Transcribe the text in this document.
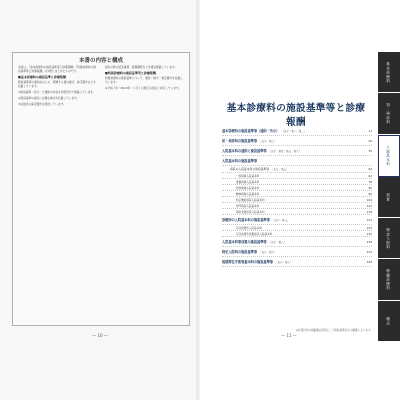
本書の内容と構成

本書は、『基本診療料の施設基準等と診療報酬』『特掲診療料の施設基準等と診療報酬』を1冊にまとめたものです。

■基本診療料の施設基準と診療報酬

施設基準等の通知をはじめ、関連する届出様式、算定要件などを収載しています。

①施設基準（告示）と通知の内容を対照形式で掲載しています。

②施設基準の届出に必要な様式を収載しています。

③点数表の算定要件を併記しています。

届出の際の留意事項、疑義解釈などを適宜掲載しています。

■特掲診療料の施設基準等と診療報酬

特掲診療料の施設基準について、通知・様式・算定要件を収載しています。

※令和２年（2020年）４月１日施行の改定に対応しています。

— 10 —
基本診療料の施設基準等と診療報酬
基本診療料の施設基準等（通則・告示） ［告示・第一、第二］	11
初・再診料の施設基準等 ［告示・第三］	20
入院基本料の通則と施設基準等 ［告示・第四、第五、第六］	35
入院基本料の施設基準等
病院の入院基本料の施設基準等 ［告示・第五］	62
一般病棟入院基本料	62
療養病棟入院基本料	78
結核病棟入院基本料	90
精神病棟入院基本料	96
特定機能病院入院基本料	104
専門病院入院基本料	112
障害者施設等入院基本料	118
診療所の入院基本料の施設基準等 ［告示・第五］	123
有床診療所入院基本料	123
有床診療所療養病床入院基本料	130
入院基本料等加算の施設基準等 ［告示・第八］	138
特定入院料の施設基準等 ［告示・第九］	232
短期滞在手術等基本料の施設基準等 ［告示・第十］	338
※各項目内の掲載順は原則として施設基準告示の順番によります。
— 11 —
基本診療料
初・再診料
入院基本料
加算
特定入院料
特掲診療料
様式
